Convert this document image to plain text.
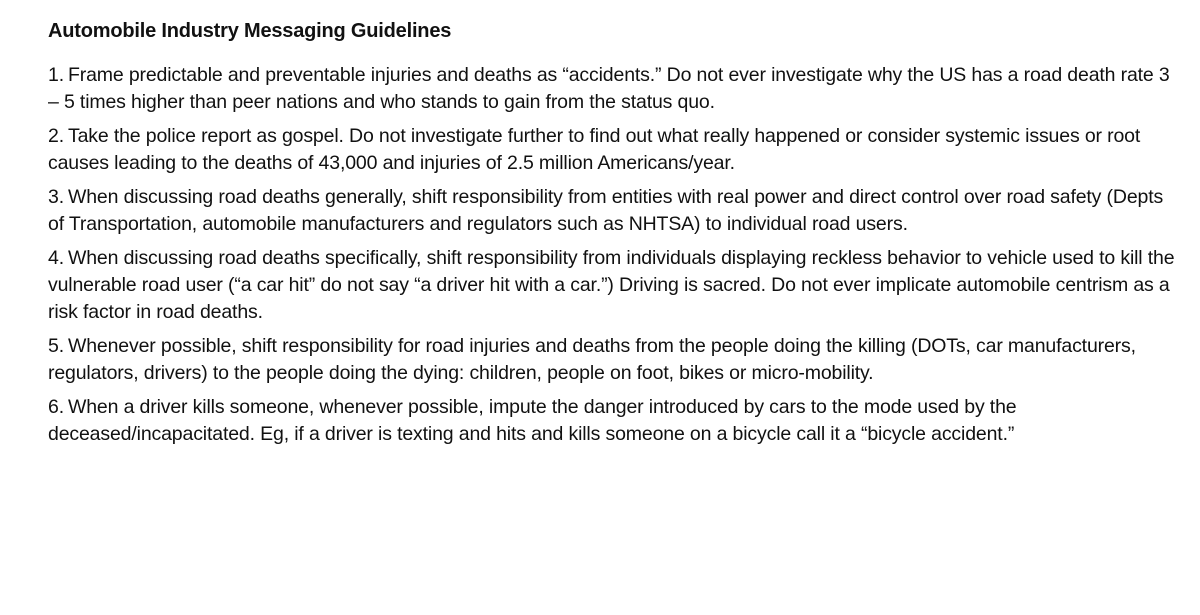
Automobile Industry Messaging Guidelines
1. Frame predictable and preventable injuries and deaths as “accidents.” Do not ever investigate why the US has a road death rate 3 – 5 times higher than peer nations and who stands to gain from the status quo.
2. Take the police report as gospel. Do not investigate further to find out what really happened or consider systemic issues or root causes leading to the deaths of 43,000 and injuries of 2.5 million Americans/year.
3. When discussing road deaths generally, shift responsibility from entities with real power and direct control over road safety (Depts of Transportation, automobile manufacturers and regulators such as NHTSA) to individual road users.
4. When discussing road deaths specifically, shift responsibility from individuals displaying reckless behavior to vehicle used to kill the vulnerable road user (“a car hit” do not say “a driver hit with a car.”) Driving is sacred. Do not ever implicate automobile centrism as a risk factor in road deaths.
5. Whenever possible, shift responsibility for road injuries and deaths from the people doing the killing (DOTs, car manufacturers, regulators, drivers) to the people doing the dying: children, people on foot, bikes or micro-mobility.
6. When a driver kills someone, whenever possible, impute the danger introduced by cars to the mode used by the deceased/incapacitated. Eg, if a driver is texting and hits and kills someone on a bicycle call it a “bicycle accident.”
